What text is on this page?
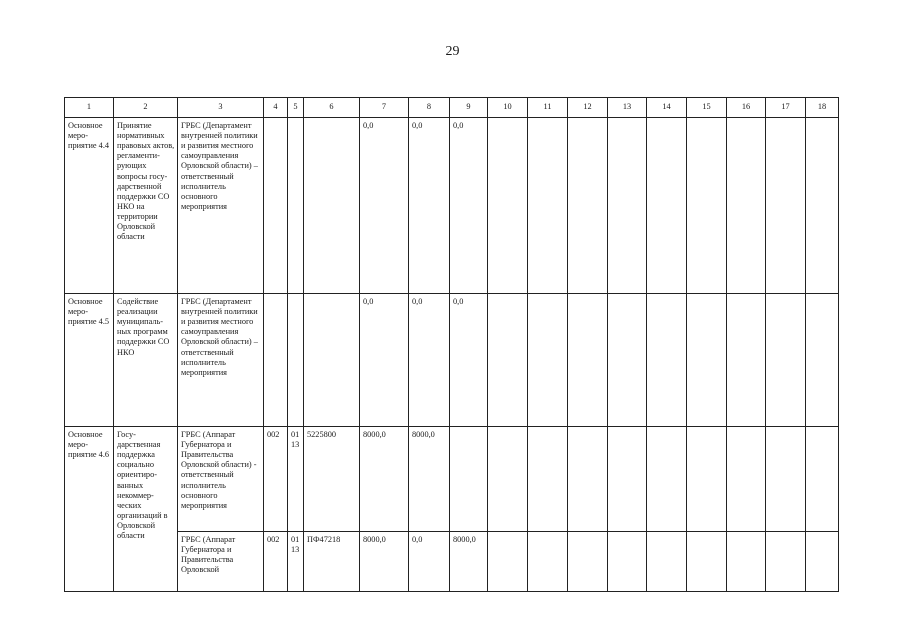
29
1	2	3	4	5	6	7	8	9	10	11	12	13	14	15	16	17	18
Основное меро-приятие 4.4	Принятие нормативных правовых актов, регламенти-рующих вопросы госу-дарственной поддержки СО НКО на территории Орловской области	ГРБС (Департамент внутренней политики и развития местного самоуправления Орловской области) – ответственный исполнитель основного мероприятия				0,0	0,0	0,0									
Основное меро-приятие 4.5	Содействие реализации муниципаль-ных программ поддержки СО НКО	ГРБС (Департамент внутренней политики и развития местного самоуправления Орловской области) – ответственный исполнитель мероприятия				0,0	0,0	0,0									
Основное меро-приятие 4.6	Госу-дарственная поддержка социально ориентиро-ванных некоммер-ческих организаций в Орловской области	ГРБС (Аппарат Губернатора и Правительства Орловской области) - ответственный исполнитель основного мероприятия	002	01 13	5225800	8000,0	8000,0										
		ГРБС (Аппарат Губернатора и Правительства Орловской	002	01 13	ПФ47218	8000,0	0,0	8000,0									
